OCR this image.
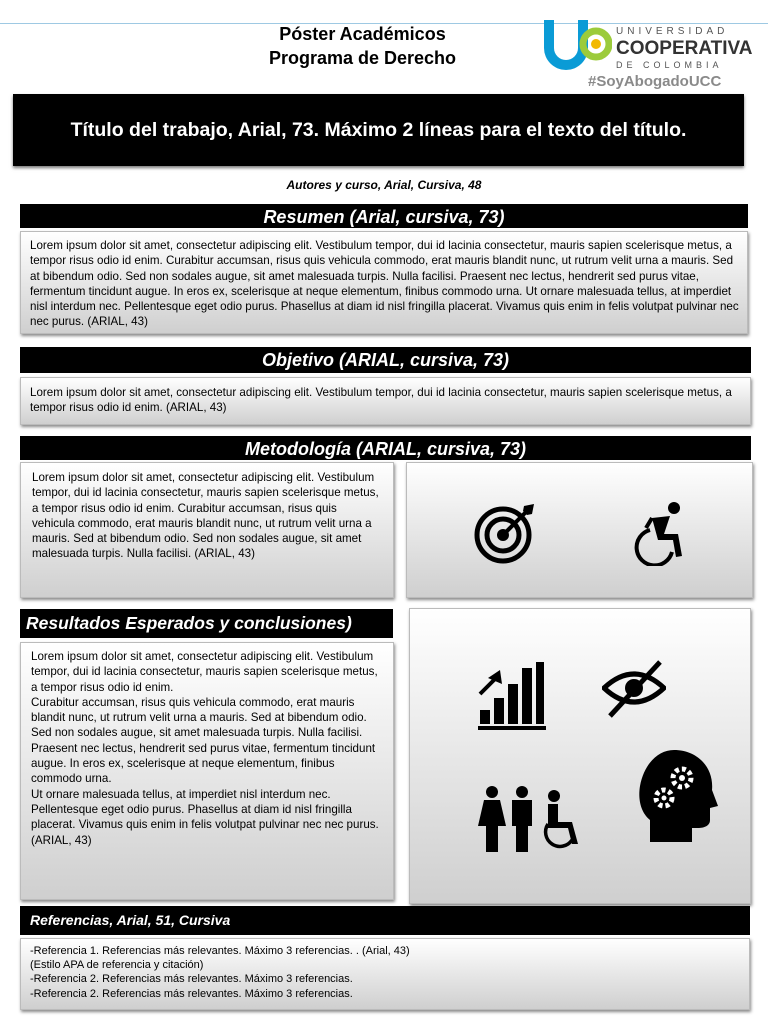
Póster Académicos
Programa de Derecho
UNIVERSIDAD
COOPERATIVA
DE COLOMBIA
#SoyAbogadoUCC
Título del trabajo, Arial, 73. Máximo 2 líneas para el texto del título.
Autores y curso, Arial, Cursiva, 48
Resumen (Arial, cursiva, 73)
Lorem ipsum dolor sit amet, consectetur adipiscing elit. Vestibulum tempor, dui id lacinia consectetur, mauris sapien scelerisque metus, a tempor risus odio id enim. Curabitur accumsan, risus quis vehicula commodo, erat mauris blandit nunc, ut rutrum velit urna a mauris. Sed at bibendum odio. Sed non sodales augue, sit amet malesuada turpis. Nulla facilisi. Praesent nec lectus, hendrerit sed purus vitae, fermentum tincidunt augue. In eros ex, scelerisque at neque elementum, finibus commodo urna. Ut ornare malesuada tellus, at imperdiet nisl interdum nec. Pellentesque eget odio purus. Phasellus at diam id nisl fringilla placerat. Vivamus quis enim in felis volutpat pulvinar nec nec purus. (ARIAL, 43)
Objetivo (ARIAL, cursiva, 73)
Lorem ipsum dolor sit amet, consectetur adipiscing elit. Vestibulum tempor, dui id lacinia consectetur, mauris sapien scelerisque metus, a tempor risus odio id enim. (ARIAL, 43)
Metodología (ARIAL, cursiva, 73)
Lorem ipsum dolor sit amet, consectetur adipiscing elit. Vestibulum tempor, dui id lacinia consectetur, mauris sapien scelerisque metus, a tempor risus odio id enim. Curabitur accumsan, risus quis vehicula commodo, erat mauris blandit nunc, ut rutrum velit urna a mauris. Sed at bibendum odio. Sed non sodales augue, sit amet malesuada turpis. Nulla facilisi. (ARIAL, 43)
Resultados Esperados y conclusiones)

Lorem ipsum dolor sit amet, consectetur adipiscing elit. Vestibulum tempor, dui id lacinia consectetur, mauris sapien scelerisque metus, a tempor risus odio id enim.

Curabitur accumsan, risus quis vehicula commodo, erat mauris blandit nunc, ut rutrum velit urna a mauris. Sed at bibendum odio.

Sed non sodales augue, sit amet malesuada turpis. Nulla facilisi. Praesent nec lectus, hendrerit sed purus vitae, fermentum tincidunt augue. In eros ex, scelerisque at neque elementum, finibus commodo urna.

Ut ornare malesuada tellus, at imperdiet nisl interdum nec. Pellentesque eget odio purus. Phasellus at diam id nisl fringilla placerat. Vivamus quis enim in felis volutpat pulvinar nec nec purus. (ARIAL, 43)

Referencias, Arial, 51, Cursiva

-Referencia 1. Referencias más relevantes. Máximo 3 referencias. . (Arial, 43)

(Estilo APA de referencia y citación)

-Referencia 2. Referencias más relevantes. Máximo 3 referencias.

-Referencia 2. Referencias más relevantes. Máximo 3 referencias.
